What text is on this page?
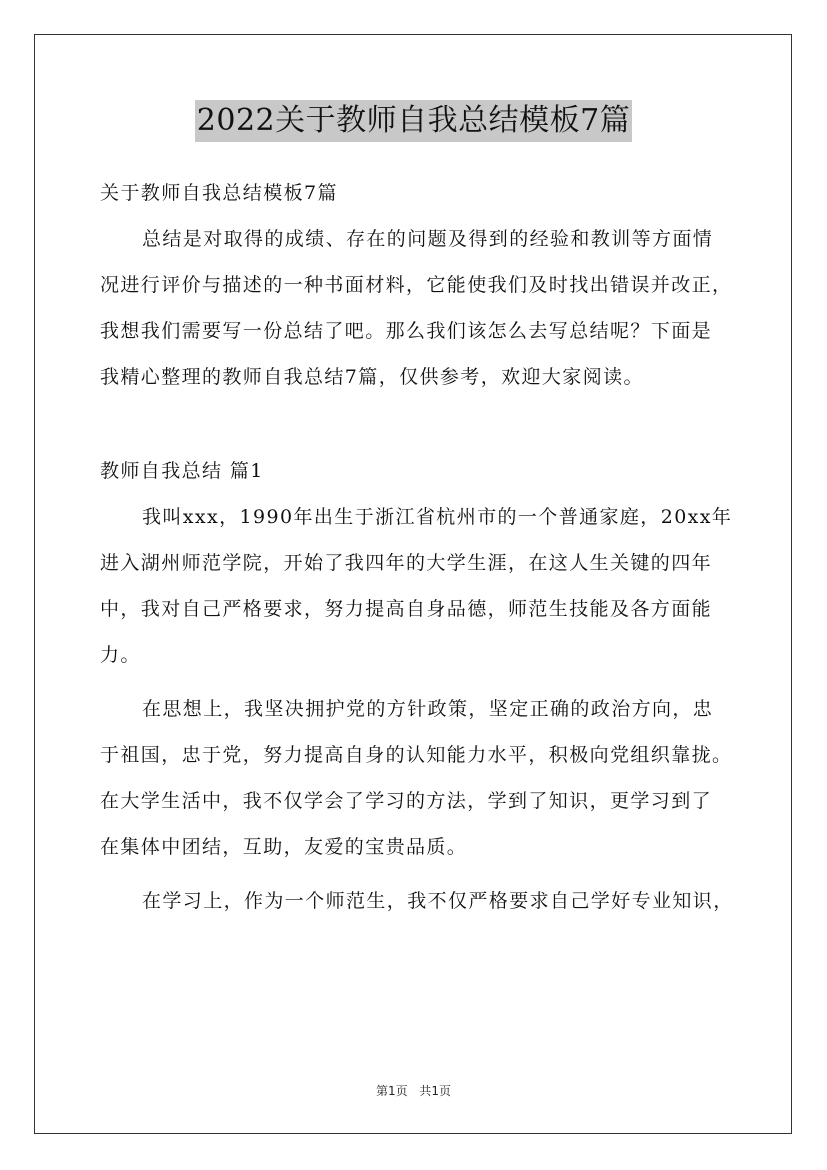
2022关于教师自我总结模板7篇
关于教师自我总结模板7篇
总结是对取得的成绩、存在的问题及得到的经验和教训等方面情
况进行评价与描述的一种书面材料，它能使我们及时找出错误并改正，
我想我们需要写一份总结了吧。那么我们该怎么去写总结呢？下面是
我精心整理的教师自我总结7篇，仅供参考，欢迎大家阅读。
教师自我总结 篇1
我叫xxx，1990年出生于浙江省杭州市的一个普通家庭，20xx年
进入湖州师范学院，开始了我四年的大学生涯，在这人生关键的四年
中，我对自己严格要求，努力提高自身品德，师范生技能及各方面能
力。
在思想上，我坚决拥护党的方针政策，坚定正确的政治方向，忠
于祖国，忠于党，努力提高自身的认知能力水平，积极向党组织靠拢。
在大学生活中，我不仅学会了学习的方法，学到了知识，更学习到了
在集体中团结，互助，友爱的宝贵品质。
在学习上，作为一个师范生，我不仅严格要求自己学好专业知识，
第1页 共1页
